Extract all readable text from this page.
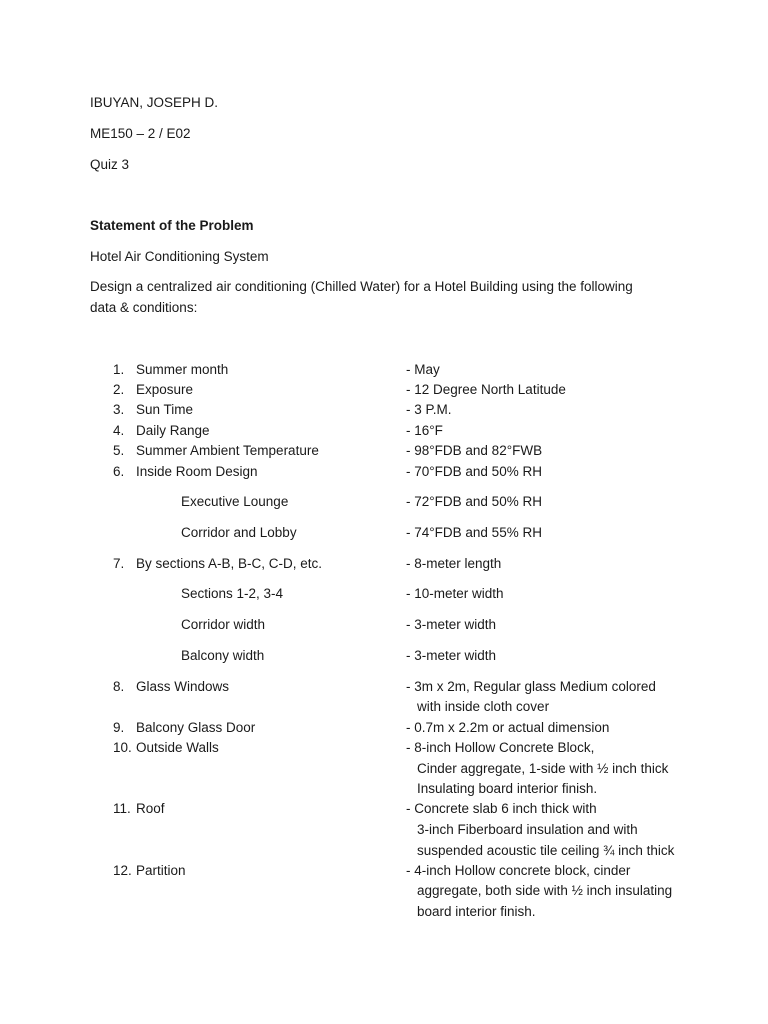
IBUYAN, JOSEPH D.
ME150 – 2 / E02
Quiz 3
Statement of the Problem
Hotel Air Conditioning System
Design a centralized air conditioning (Chilled Water) for a Hotel Building using the following
data & conditions:
1. Summer month	- May
2. Exposure	- 12 Degree North Latitude
3. Sun Time	- 3 P.M.
4. Daily Range	- 16°F
5. Summer Ambient Temperature	- 98°FDB and 82°FWB
6. Inside Room Design	- 70°FDB and 50% RH
Executive Lounge	- 72°FDB and 50% RH
Corridor and Lobby	- 74°FDB and 55% RH
7. By sections A-B, B-C, C-D, etc.	- 8-meter length
Sections 1-2, 3-4	- 10-meter width
Corridor width	- 3-meter width
Balcony width	- 3-meter width
8. Glass Windows	- 3m x 2m, Regular glass Medium colored
with inside cloth cover
9. Balcony Glass Door	- 0.7m x 2.2m or actual dimension
10. Outside Walls	- 8-inch Hollow Concrete Block,
Cinder aggregate, 1-side with ½ inch thick
Insulating board interior finish.
11. Roof	- Concrete slab 6 inch thick with
3-inch Fiberboard insulation and with
suspended acoustic tile ceiling ¾ inch thick
12. Partition	- 4-inch Hollow concrete block, cinder
aggregate, both side with ½ inch insulating
board interior finish.
